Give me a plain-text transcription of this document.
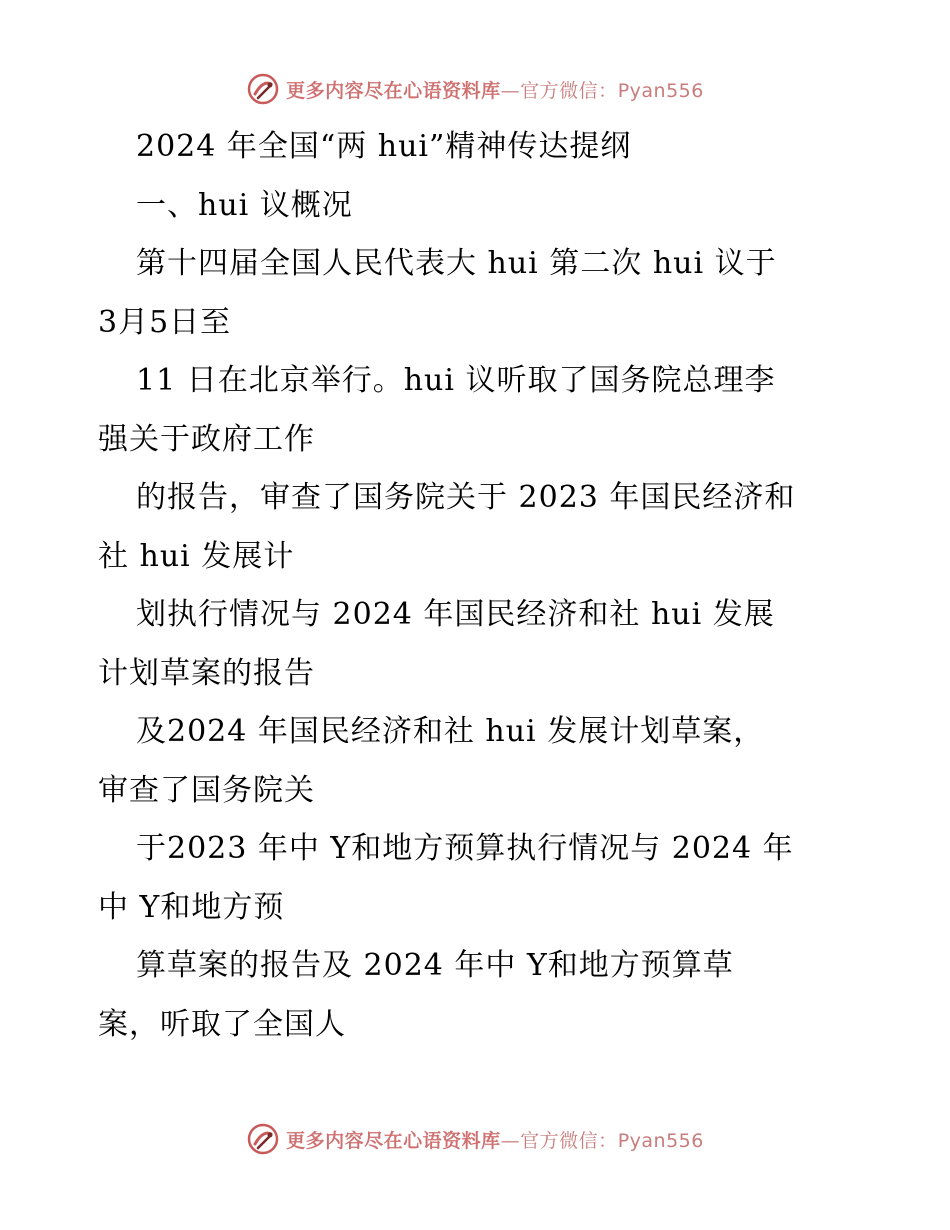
更多内容尽在心语资料库—官方微信：Pyan556
2024 年全国“两 hui”精神传达提纲
一、hui 议概况
第十四届全国人民代表大 hui 第二次 hui 议于
3月5日至
11 日在北京举行。hui 议听取了国务院总理李
强关于政府工作
的报告，审查了国务院关于 2023 年国民经济和
社 hui 发展计
划执行情况与 2024 年国民经济和社 hui 发展
计划草案的报告
及2024 年国民经济和社 hui 发展计划草案，
审查了国务院关
于2023 年中 Y和地方预算执行情况与 2024 年
中 Y和地方预
算草案的报告及 2024 年中 Y和地方预算草
案，听取了全国人
更多内容尽在心语资料库—官方微信：Pyan556
